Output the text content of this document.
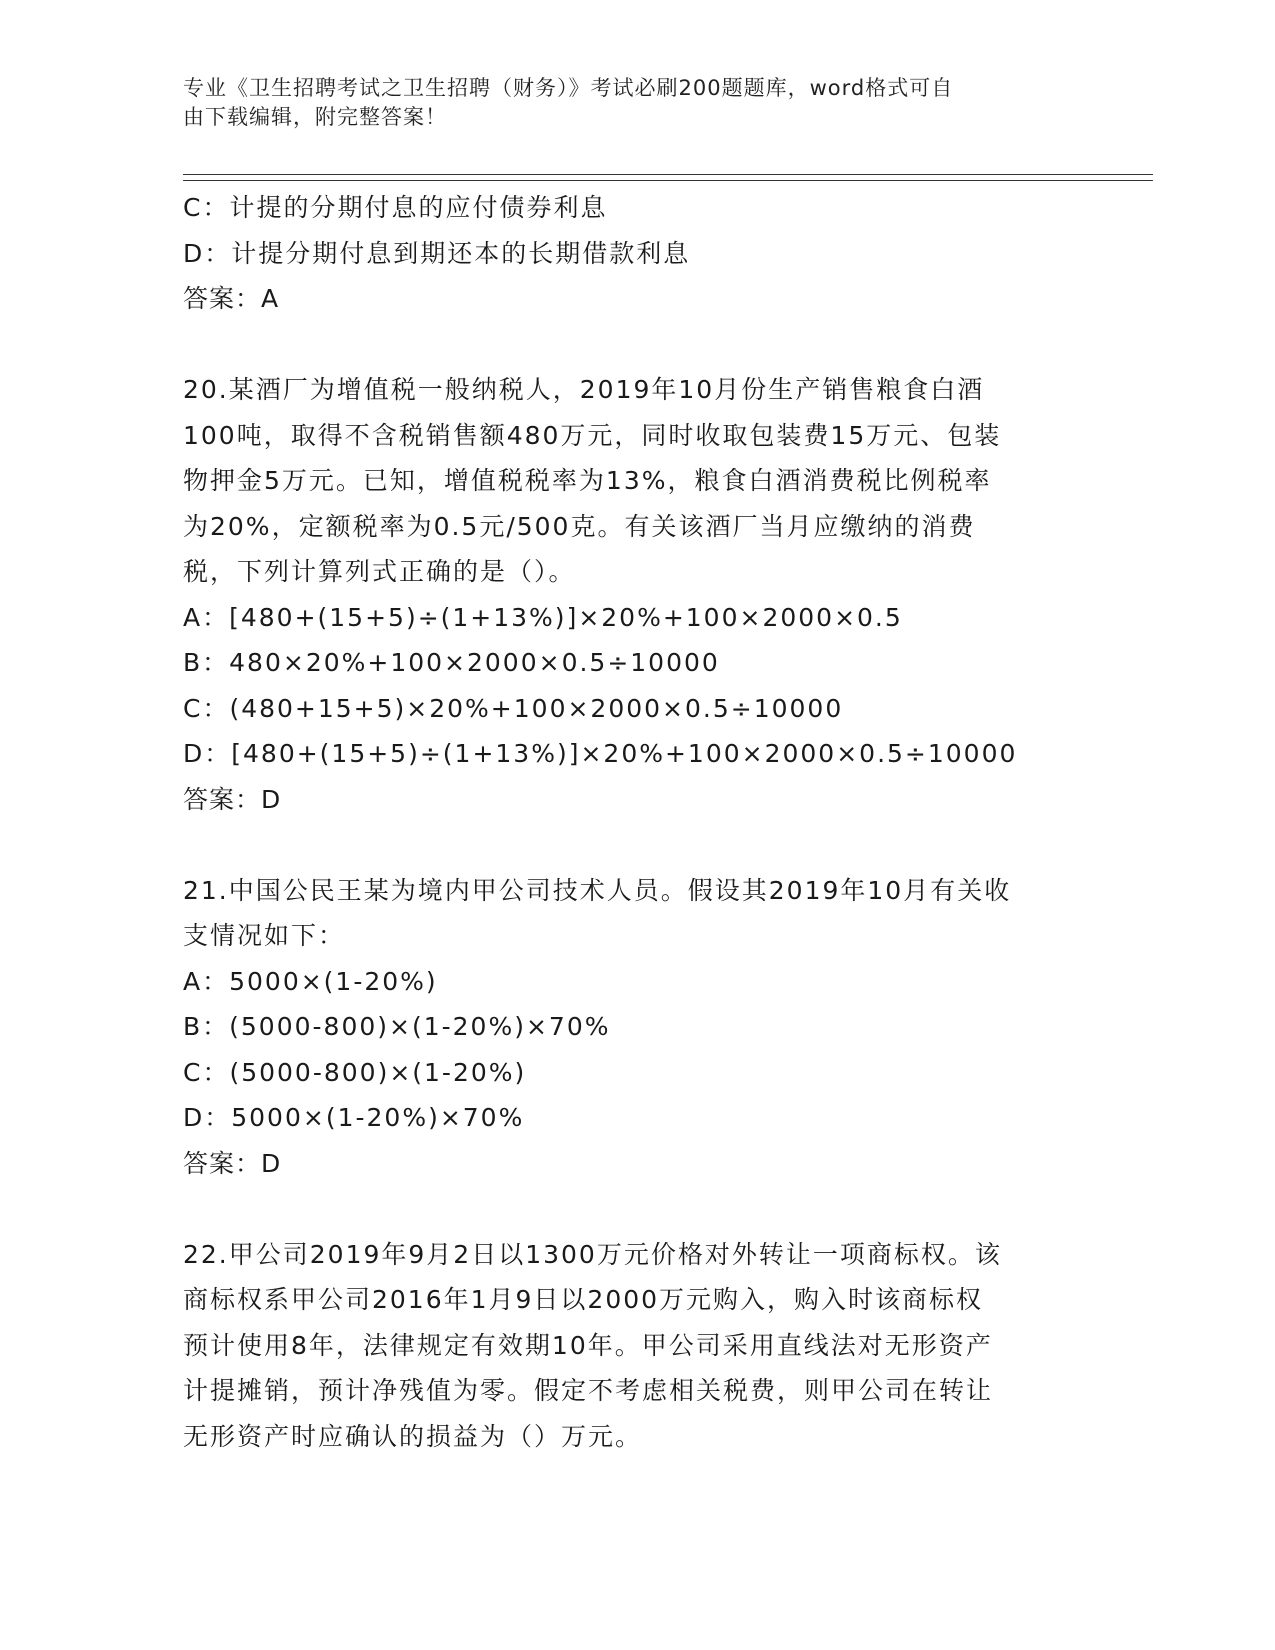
专业《卫生招聘考试之卫生招聘（财务）》考试必刷200题题库，word格式可自
由下载编辑，附完整答案！
C：计提的分期付息的应付债券利息
D：计提分期付息到期还本的长期借款利息
答案：A
20.某酒厂为增值税一般纳税人，2019年10月份生产销售粮食白酒
100吨，取得不含税销售额480万元，同时收取包装费15万元、包装
物押金5万元。已知，增值税税率为13%，粮食白酒消费税比例税率
为20%，定额税率为0.5元/500克。有关该酒厂当月应缴纳的消费
税，下列计算列式正确的是（）。
A：[480+(15+5)÷(1+13%)]×20%+100×2000×0.5
B：480×20%+100×2000×0.5÷10000
C：(480+15+5)×20%+100×2000×0.5÷10000
D：[480+(15+5)÷(1+13%)]×20%+100×2000×0.5÷10000
答案：D
21.中国公民王某为境内甲公司技术人员。假设其2019年10月有关收
支情况如下：
A：5000×(1-20%)
B：(5000-800)×(1-20%)×70%
C：(5000-800)×(1-20%)
D：5000×(1-20%)×70%
答案：D
22.甲公司2019年9月2日以1300万元价格对外转让一项商标权。该
商标权系甲公司2016年1月9日以2000万元购入，购入时该商标权
预计使用8年，法律规定有效期10年。甲公司采用直线法对无形资产
计提摊销，预计净残值为零。假定不考虑相关税费，则甲公司在转让
无形资产时应确认的损益为（）万元。
